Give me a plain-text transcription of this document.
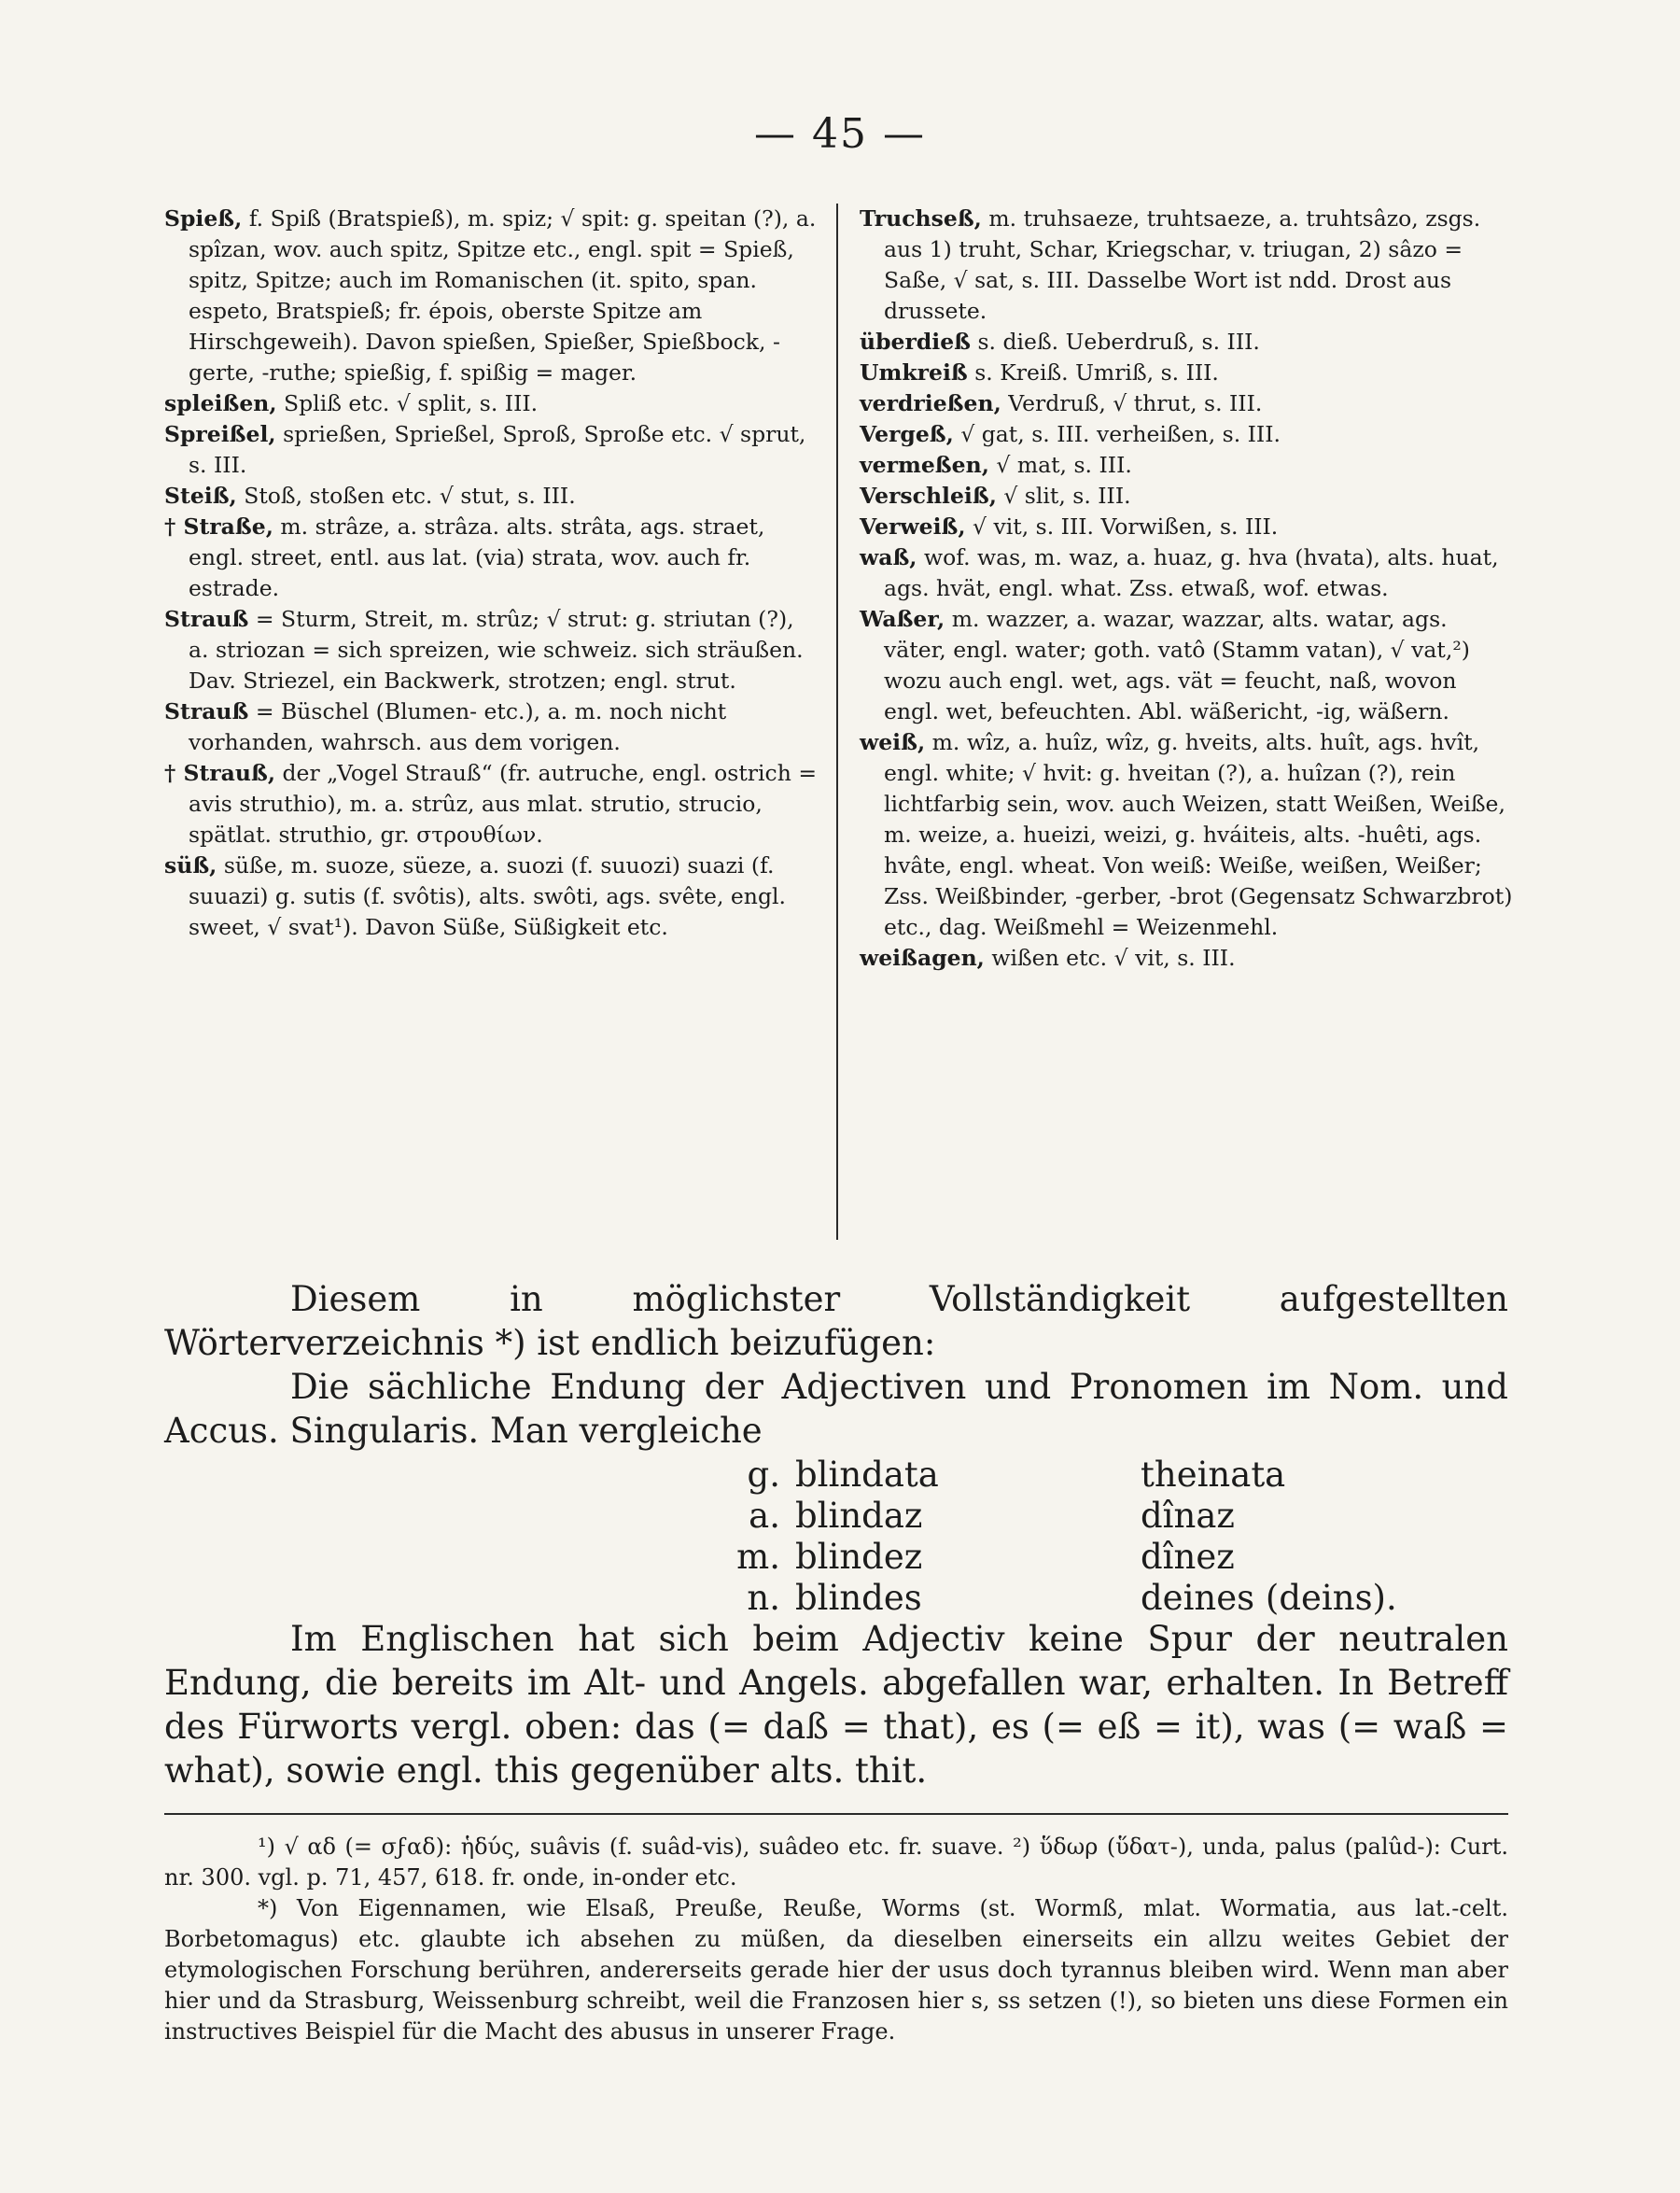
— 45 —

Spieß, f. Spiß (Bratspieß), m. spiz; √ spit: g. speitan (?), a. spîzan, wov. auch spitz, Spitze etc., engl. spit = Spieß, spitz, Spitze; auch im Romanischen (it. spito, span. espeto, Bratspieß; fr. épois, oberste Spitze am Hirschgeweih). Davon spießen, Spießer, Spießbock, -gerte, -ruthe; spießig, f. spißig = mager.

spleißen, Spliß etc. √ split, s. III.

Spreißel, sprießen, Sprießel, Sproß, Sproße etc. √ sprut, s. III.

Steiß, Stoß, stoßen etc. √ stut, s. III.

† Straße, m. strâze, a. strâza. alts. strâta, ags. straet, engl. street, entl. aus lat. (via) strata, wov. auch fr. estrade.

Strauß = Sturm, Streit, m. strûz; √ strut: g. striutan (?), a. striozan = sich spreizen, wie schweiz. sich sträußen. Dav. Striezel, ein Backwerk, strotzen; engl. strut.

Strauß = Büschel (Blumen- etc.), a. m. noch nicht vorhanden, wahrsch. aus dem vorigen.

† Strauß, der „Vogel Strauß“ (fr. autruche, engl. ostrich = avis struthio), m. a. strûz, aus mlat. strutio, strucio, spätlat. struthio, gr. στρουθίων.

süß, süße, m. suoze, süeze, a. suozi (f. suuozi) suazi (f. suuazi) g. sutis (f. svôtis), alts. swôti, ags. svête, engl. sweet, √ svat¹). Davon Süße, Süßigkeit etc.

Truchseß, m. truhsaeze, truhtsaeze, a. truhtsâzo, zsgs. aus 1) truht, Schar, Kriegschar, v. triugan, 2) sâzo = Saße, √ sat, s. III. Dasselbe Wort ist ndd. Drost aus drussete.

überdieß s. dieß. Ueberdruß, s. III.

Umkreiß s. Kreiß. Umriß, s. III.

verdrießen, Verdruß, √ thrut, s. III.

Vergeß, √ gat, s. III. verheißen, s. III.

vermeßen, √ mat, s. III.

Verschleiß, √ slit, s. III.

Verweiß, √ vit, s. III. Vorwißen, s. III.

waß, wof. was, m. waz, a. huaz, g. hva (hvata), alts. huat, ags. hvät, engl. what. Zss. etwaß, wof. etwas.

Waßer, m. wazzer, a. wazar, wazzar, alts. watar, ags. väter, engl. water; goth. vatô (Stamm vatan), √ vat,²) wozu auch engl. wet, ags. vät = feucht, naß, wovon engl. wet, befeuchten. Abl. wäßericht, -ig, wäßern.

weiß, m. wîz, a. huîz, wîz, g. hveits, alts. huît, ags. hvît, engl. white; √ hvit: g. hveitan (?), a. huîzan (?), rein lichtfarbig sein, wov. auch Weizen, statt Weißen, Weiße, m. weize, a. hueizi, weizi, g. hváiteis, alts. -huêti, ags. hvâte, engl. wheat. Von weiß: Weiße, weißen, Weißer; Zss. Weißbinder, -gerber, -brot (Gegensatz Schwarzbrot) etc., dag. Weißmehl = Weizenmehl.

weißagen, wißen etc. √ vit, s. III.

Diesem in möglichster Vollständigkeit aufgestellten Wörterverzeichnis *) ist endlich beizufügen:

Die sächliche Endung der Adjectiven und Pronomen im Nom. und Accus. Singularis. Man vergleiche

g. blindata	theinata
a. blindaz	dînaz
m. blindez	dînez
n. blindes	deines (deins).

Im Englischen hat sich beim Adjectiv keine Spur der neutralen Endung, die bereits im Alt- und Angels. abgefallen war, erhalten. In Betreff des Fürworts vergl. oben: das (= daß = that), es (= eß = it), was (= waß = what), sowie engl. this gegenüber alts. thit.

¹) √ αδ (= σϝαδ): ἡδύς, suâvis (f. suâd-vis), suâdeo etc. fr. suave. ²) ὕδωρ (ὕδατ-), unda, palus (palûd-): Curt. nr. 300. vgl. p. 71, 457, 618. fr. onde, in-onder etc.

*) Von Eigennamen, wie Elsaß, Preuße, Reuße, Worms (st. Wormß, mlat. Wormatia, aus lat.-celt. Borbetomagus) etc. glaubte ich absehen zu müßen, da dieselben einerseits ein allzu weites Gebiet der etymologischen Forschung berühren, andererseits gerade hier der usus doch tyrannus bleiben wird. Wenn man aber hier und da Strasburg, Weissenburg schreibt, weil die Franzosen hier s, ss setzen (!), so bieten uns diese Formen ein instructives Beispiel für die Macht des abusus in unserer Frage.
